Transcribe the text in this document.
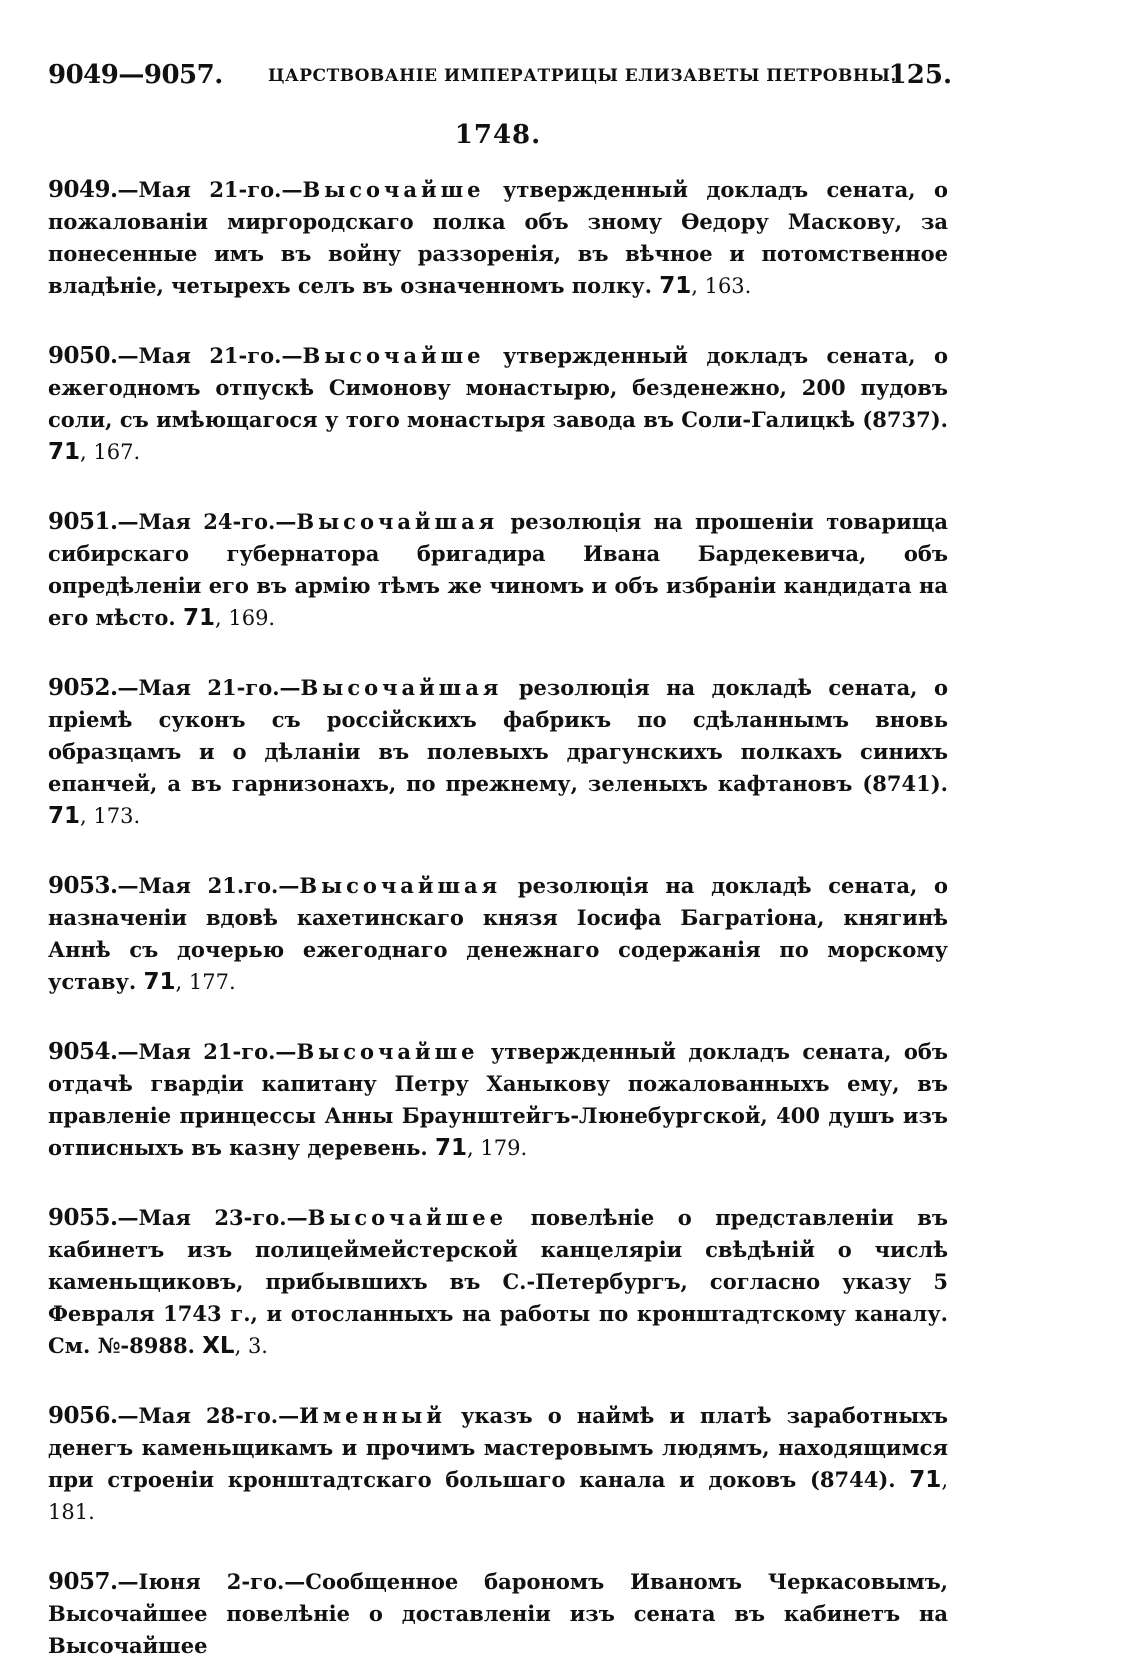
9049—9057.	ЦАРСТВОВАНІЕ ИМПЕРАТРИЦЫ ЕЛИЗАВЕТЫ ПЕТРОВНЫ.
125.
1748.
9049.—Мая 21-го.—Высочайше утвержденный докладъ сената, о пожалованіи миргородскаго полка объ зному Ѳедору Маскову, за понесенные имъ въ войну раззоренія, въ вѣчное и потомственное владѣніе, четырехъ селъ въ означенномъ полку. 71, 163.
9050.—Мая 21-го.—Высочайше утвержденный докладъ сената, о ежегодномъ отпускѣ Симонову монастырю, безденежно, 200 пудовъ соли, съ имѣющагося у того монастыря завода въ Соли-Галицкѣ (8737). 71, 167.
9051.—Мая 24-го.—Высочайшая резолюція на прошеніи товарища сибирскаго губернатора бригадира Ивана Бардекевича, объ опредѣленіи его въ армію тѣмъ же чиномъ и объ избраніи кандидата на его мѣсто. 71, 169.
9052.—Мая 21-го.—Высочайшая резолюція на докладѣ сената, о пріемѣ суконъ съ россійскихъ фабрикъ по сдѣланнымъ вновь образцамъ и о дѣланіи въ полевыхъ драгунскихъ полкахъ синихъ епанчей, а въ гарнизонахъ, по прежнему, зеленыхъ кафтановъ (8741). 71, 173.
9053.—Мая 21.го.—Высочайшая резолюція на докладѣ сената, о назначеніи вдовѣ кахетинскаго князя Іосифа Багратіона, княгинѣ Аннѣ съ дочерью ежегоднаго денежнаго содержанія по морскому уставу. 71, 177.
9054.—Мая 21-го.—Высочайше утвержденный докладъ сената, объ отдачѣ гвардіи капитану Петру Ханыкову пожалованныхъ ему, въ правленіе принцессы Анны Браунштейгъ-Люнебургской, 400 душъ изъ отписныхъ въ казну деревень. 71, 179.
9055.—Мая 23-го.—Высочайшее повелѣніе о представленіи въ кабинетъ изъ полицеймейстерской канцеляріи свѣдѣній о числѣ каменьщиковъ, прибывшихъ въ С.-Петербургъ, согласно указу 5 Февраля 1743 г., и отосланныхъ на работы по кронштадтскому каналу. См. №-8988. XL, 3.
9056.—Мая 28-го.—Именный указъ о наймѣ и платѣ заработныхъ денегъ каменьщикамъ и прочимъ мастеровымъ людямъ, находящимся при строеніи кронштадтскаго большаго канала и доковъ (8744). 71, 181.
9057.—Іюня 2-го.—Сообщенное барономъ Иваномъ Черкасовымъ, Высочайшее повелѣніе о доставленіи изъ сената въ кабинетъ на Высочайшее
